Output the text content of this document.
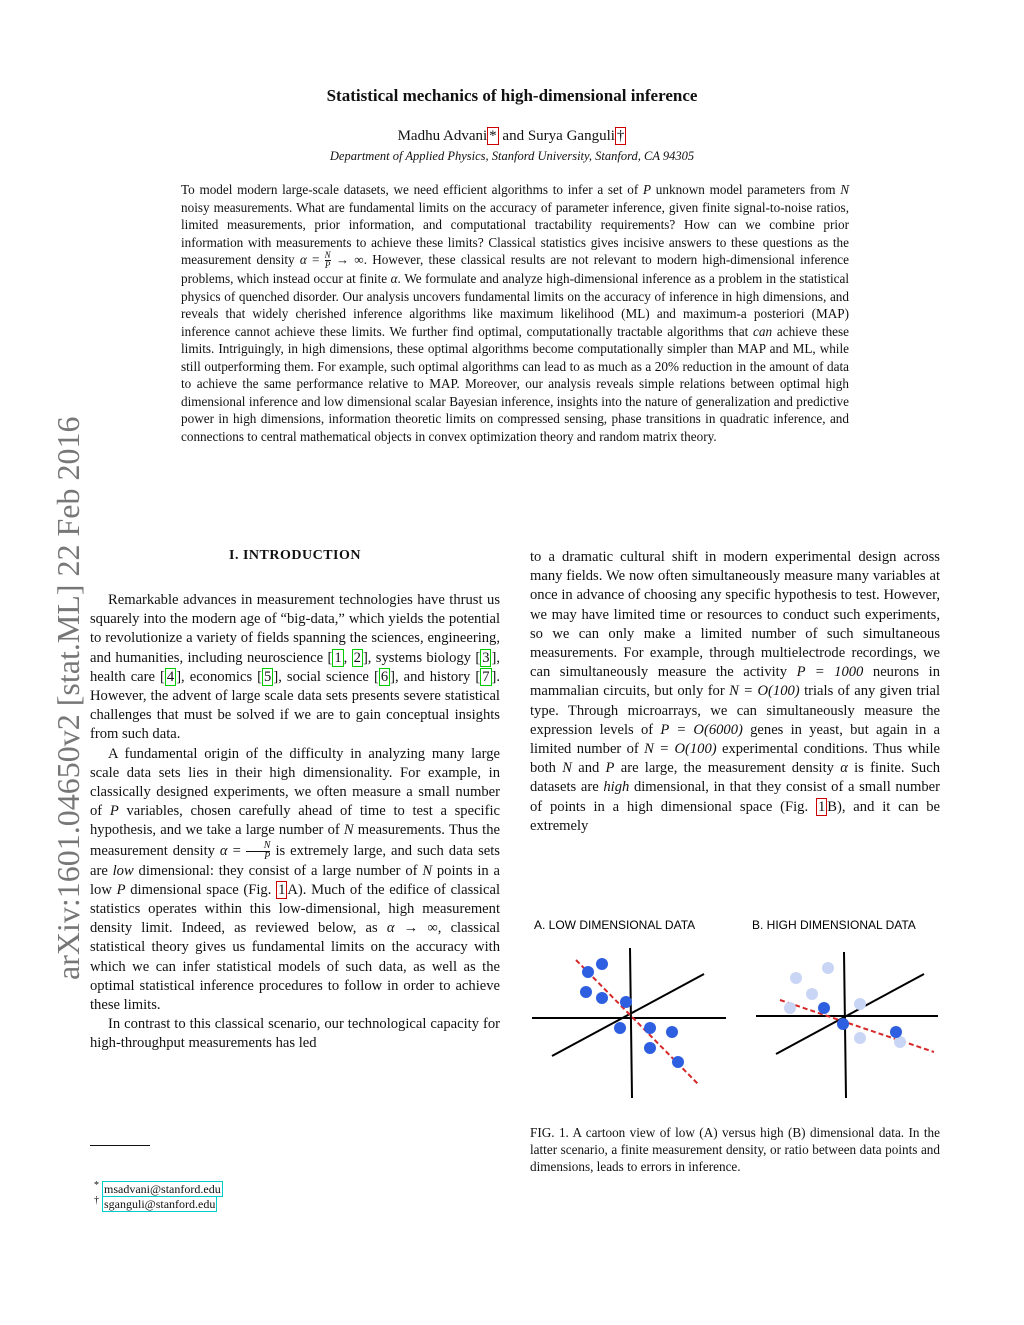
arXiv:1601.04650v2 [stat.ML] 22 Feb 2016
Statistical mechanics of high-dimensional inference
Madhu Advani * and Surya Ganguli †
Department of Applied Physics, Stanford University, Stanford, CA 94305
To model modern large-scale datasets, we need efficient algorithms to infer a set of P unknown model parameters from N noisy measurements. What are fundamental limits on the accuracy of parameter inference, given finite signal-to-noise ratios, limited measurements, prior information, and computational tractability requirements? How can we combine prior information with measurements to achieve these limits? Classical statistics gives incisive answers to these questions as the measurement density $\alpha = \frac{N}{P}$ → ∞. However, these classical results are not relevant to modern high-dimensional inference problems, which instead occur at finite α. We formulate and analyze high-dimensional inference as a problem in the statistical physics of quenched disorder. Our analysis uncovers fundamental limits on the accuracy of inference in high dimensions, and reveals that widely cherished inference algorithms like maximum likelihood (ML) and maximum-a posteriori (MAP) inference cannot achieve these limits. We further find optimal, computationally tractable algorithms that can achieve these limits. Intriguingly, in high dimensions, these optimal algorithms become computationally simpler than MAP and ML, while still outperforming them. For example, such optimal algorithms can lead to as much as a 20% reduction in the amount of data to achieve the same performance relative to MAP. Moreover, our analysis reveals simple relations between optimal high dimensional inference and low dimensional scalar Bayesian inference, insights into the nature of generalization and predictive power in high dimensions, information theoretic limits on compressed sensing, phase transitions in quadratic inference, and connections to central mathematical objects in convex optimization theory and random matrix theory.
I. INTRODUCTION

Remarkable advances in measurement technologies have thrust us squarely into the modern age of “big-data,” which yields the potential to revolutionize a variety of fields spanning the sciences, engineering, and humanities, including neuroscience [ 1 , 2 ], systems biology [ 3 ], health care [ 4 ], economics [ 5 ], social science [ 6 ], and history [ 7 ]. However, the advent of large scale data sets presents severe statistical challenges that must be solved if we are to gain conceptual insights from such data.

A fundamental origin of the difficulty in analyzing many large scale data sets lies in their high dimensionality. For example, in classically designed experiments, we often measure a small number of P variables, chosen carefully ahead of time to test a specific hypothesis, and we take a large number of N measurements. Thus the measurement density $\alpha = \frac{N}{P}$ is extremely large, and such data sets are low dimensional: they consist of a large number of N points in a low P dimensional space (Fig. 1 A). Much of the edifice of classical statistics operates within this low-dimensional, high measurement density limit. Indeed, as reviewed below, as α → ∞, classical statistical theory gives us fundamental limits on the accuracy with which we can infer statistical models of such data, as well as the optimal statistical inference procedures to follow in order to achieve these limits.

In contrast to this classical scenario, our technological capacity for high-throughput measurements has led

to a dramatic cultural shift in modern experimental design across many fields. We now often simultaneously measure many variables at once in advance of choosing any specific hypothesis to test. However, we may have limited time or resources to conduct such experiments, so we can only make a limited number of such simultaneous measurements. For example, through multielectrode recordings, we can simultaneously measure the activity P = 1000 neurons in mammalian circuits, but only for N = O(100) trials of any given trial type. Through microarrays, we can simultaneously measure the expression levels of P = O(6000) genes in yeast, but again in a limited number of N = O(100) experimental conditions. Thus while both N and P are large, the measurement density α is finite. Such datasets are high dimensional, in that they consist of a small number of points in a high dimensional space (Fig. 1 B), and it can be extremely

A. LOW DIMENSIONAL DATA	B. HIGH DIMENSIONAL DATA
FIG. 1. A cartoon view of low (A) versus high (B) dimensional data. In the latter scenario, a finite measurement density, or ratio between data points and dimensions, leads to errors in inference.
* msadvani@stanford.edu
† sganguli@stanford.edu
